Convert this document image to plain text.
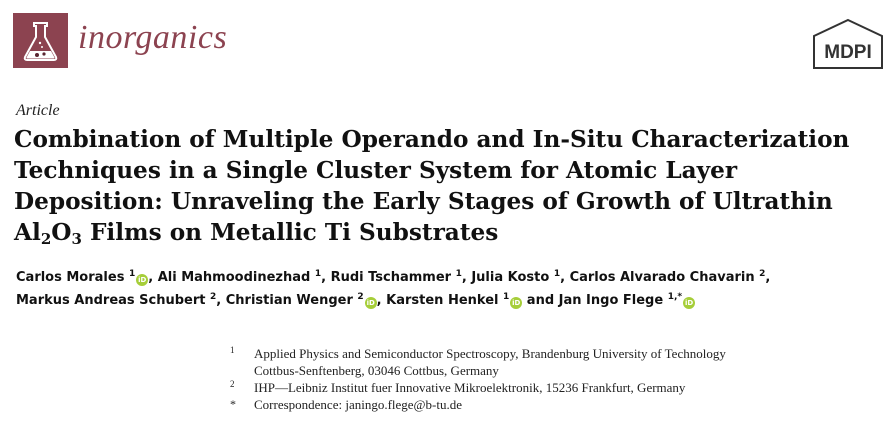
inorganics	MDPI
Article
Combination of Multiple Operando and In-Situ Characterization
Techniques in a Single Cluster System for Atomic Layer
Deposition: Unraveling the Early Stages of Growth of Ultrathin
$Al_2O_3$ Films on Metallic Ti Substrates
Carlos Morales $^1$iD , Ali Mahmoodinezhad $^1$, Rudi Tschammer $^1$, Julia Kosto $^1$, Carlos Alvarado Chavarin $^2$,
Markus Andreas Schubert $^2$, Christian Wenger $^2$iD , Karsten Henkel $^1$iD and Jan Ingo Flege $^{1,*}$iD
1 Applied Physics and Semiconductor Spectroscopy, Brandenburg University of Technology
Cottbus-Senftenberg, 03046 Cottbus, Germany
2 IHP—Leibniz Institut fuer Innovative Mikroelektronik, 15236 Frankfurt, Germany
* Correspondence: janingo.flege@b-tu.de
